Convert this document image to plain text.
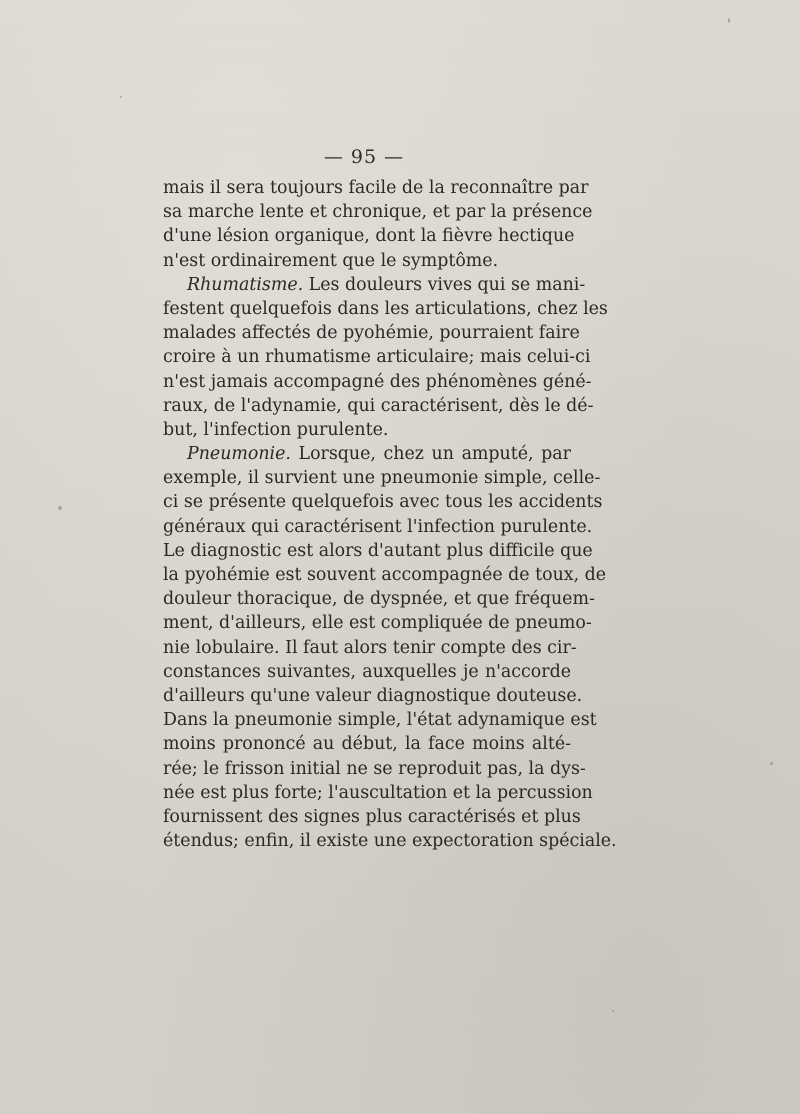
— 95 —
mais il sera toujours facile de la reconnaître par
sa marche lente et chronique, et par la présence
d'une lésion organique, dont la fièvre hectique
n'est ordinairement que le symptôme.
Rhumatisme. Les douleurs vives qui se mani-
festent quelquefois dans les articulations, chez les
malades affectés de pyohémie, pourraient faire
croire à un rhumatisme articulaire; mais celui-ci
n'est jamais accompagné des phénomènes géné-
raux, de l'adynamie, qui caractérisent, dès le dé-
but, l'infection purulente.
Pneumonie. Lorsque, chez un amputé, par
exemple, il survient une pneumonie simple, celle-
ci se présente quelquefois avec tous les accidents
généraux qui caractérisent l'infection purulente.
Le diagnostic est alors d'autant plus difficile que
la pyohémie est souvent accompagnée de toux, de
douleur thoracique, de dyspnée, et que fréquem-
ment, d'ailleurs, elle est compliquée de pneumo-
nie lobulaire. Il faut alors tenir compte des cir-
constances suivantes, auxquelles je n'accorde
d'ailleurs qu'une valeur diagnostique douteuse.
Dans la pneumonie simple, l'état adynamique est
moins prononcé au début, la face moins alté-
rée; le frisson initial ne se reproduit pas, la dys-
née est plus forte; l'auscultation et la percussion
fournissent des signes plus caractérisés et plus
étendus; enfin, il existe une expectoration spéciale.
